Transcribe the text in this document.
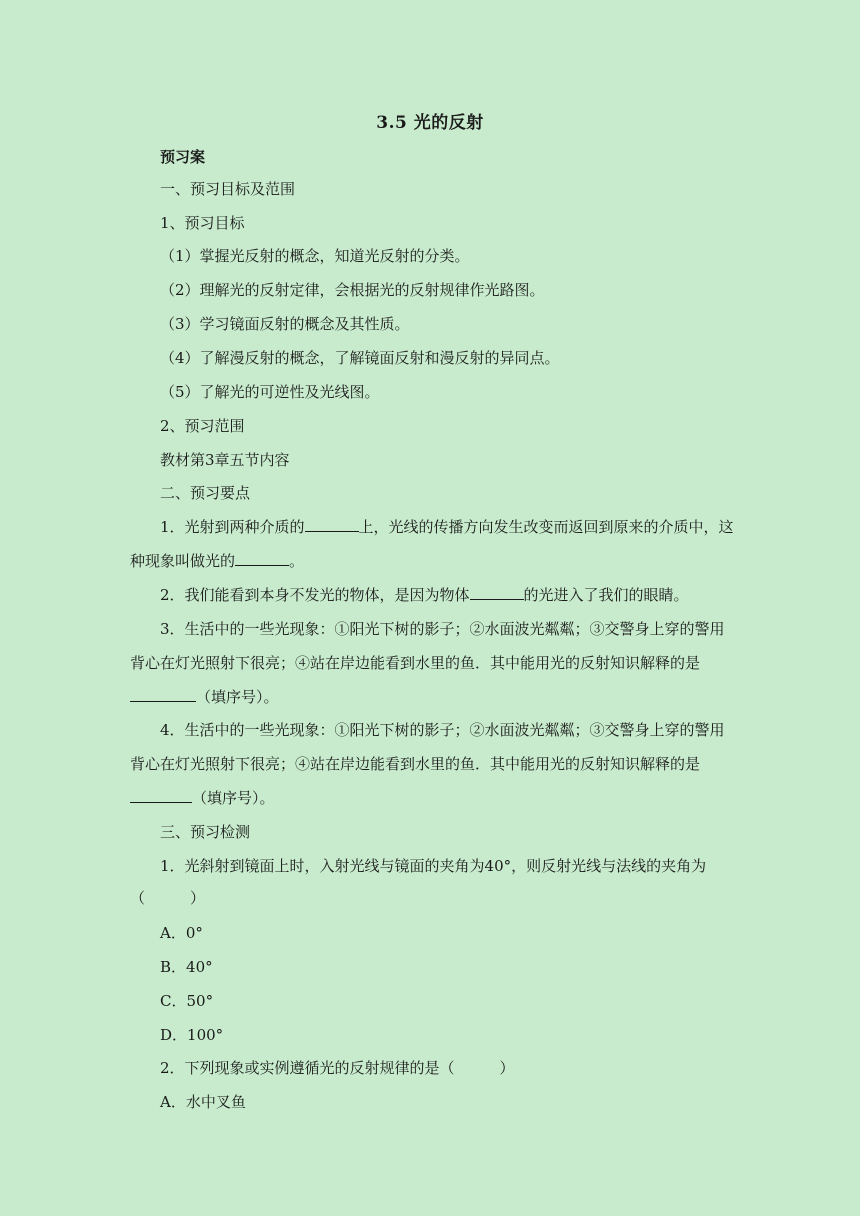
3.5 光的反射
预习案
一、预习目标及范围
1、预习目标
（1）掌握光反射的概念，知道光反射的分类。
（2）理解光的反射定律，会根据光的反射规律作光路图。
（3）学习镜面反射的概念及其性质。
（4）了解漫反射的概念，了解镜面反射和漫反射的异同点。
（5）了解光的可逆性及光线图。
2、预习范围
教材第3章五节内容
二、预习要点
1．光射到两种介质的	上，光线的传播方向发生改变而返回到原来的介质中，这
种现象叫做光的	。
2．我们能看到本身不发光的物体，是因为物体	的光进入了我们的眼睛。
3．生活中的一些光现象：①阳光下树的影子；②水面波光粼粼；③交警身上穿的警用
背心在灯光照射下很亮；④站在岸边能看到水里的鱼．其中能用光的反射知识解释的是
（填序号）。
4．生活中的一些光现象：①阳光下树的影子；②水面波光粼粼；③交警身上穿的警用
背心在灯光照射下很亮；④站在岸边能看到水里的鱼．其中能用光的反射知识解释的是
（填序号）。
三、预习检测
1．光斜射到镜面上时，入射光线与镜面的夹角为40°，则反射光线与法线的夹角为
（　　　）
A．0°
B．40°
C．50°
D．100°
2．下列现象或实例遵循光的反射规律的是（　　　）
A．水中叉鱼
